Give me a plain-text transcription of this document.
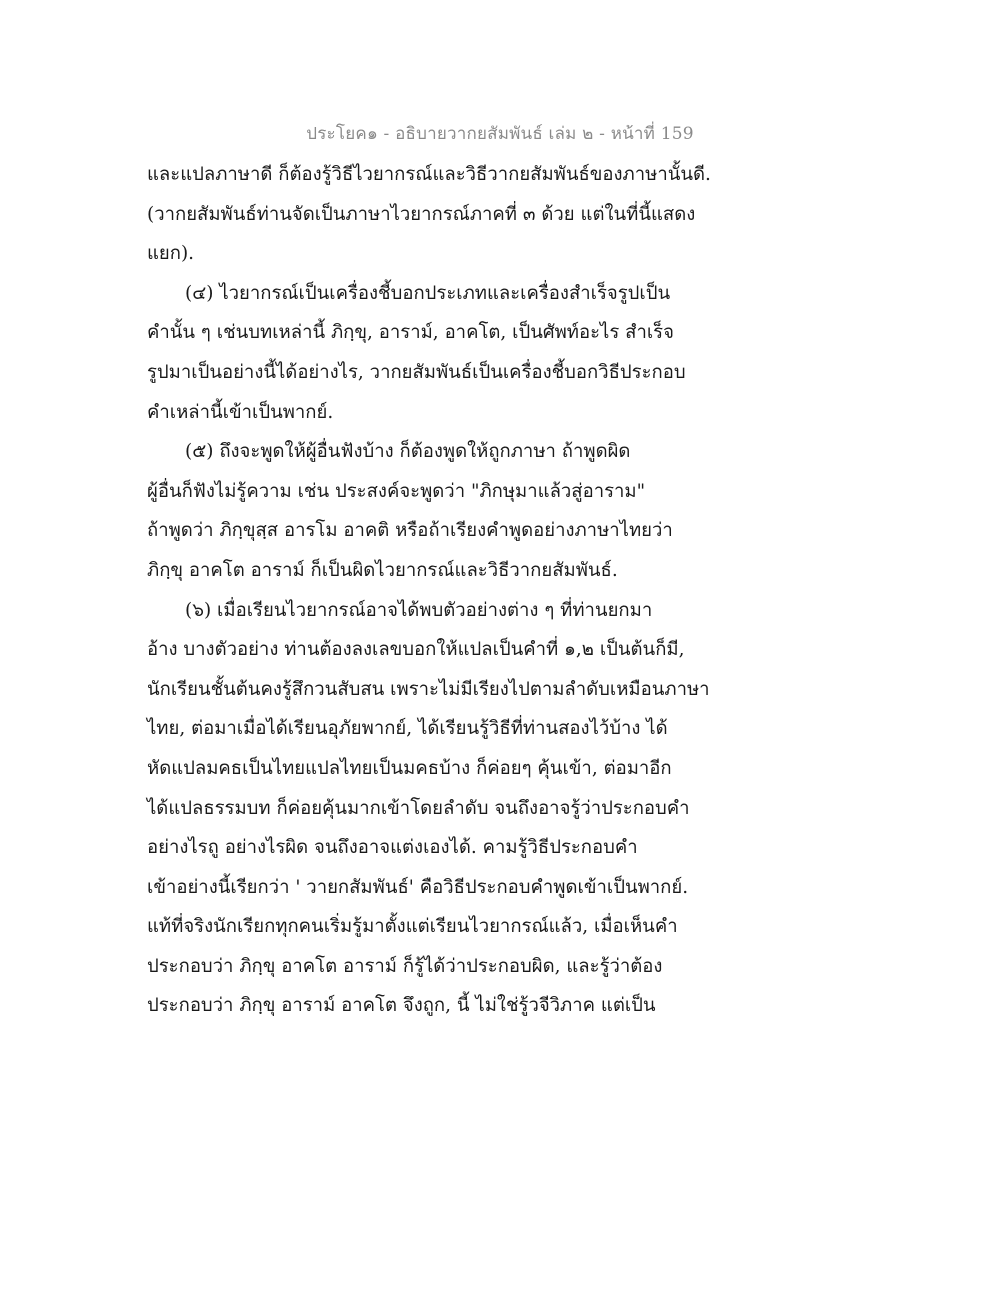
ประโยค๑ - อธิบายวากยสัมพันธ์ เล่ม ๒ - หน้าที่ 159
และแปลภาษาดี ก็ต้องรู้วิธีไวยากรณ์และวิธีวากยสัมพันธ์ของภาษานั้นดี.
(วากยสัมพันธ์ท่านจัดเป็นภาษาไวยากรณ์ภาคที่ ๓ ด้วย แต่ในที่นี้แสดง
แยก).
(๔) ไวยากรณ์เป็นเครื่องชี้บอกประเภทและเครื่องสำเร็จรูปเป็น
คำนั้น ๆ เช่นบทเหล่านี้ ภิกฺขุ, อาราม์, อาคโต, เป็นศัพท์อะไร สำเร็จ
รูปมาเป็นอย่างนี้ได้อย่างไร, วากยสัมพันธ์เป็นเครื่องชี้บอกวิธีประกอบ
คำเหล่านี้เข้าเป็นพากย์.
(๕) ถึงจะพูดให้ผู้อื่นฟังบ้าง ก็ต้องพูดให้ถูกภาษา ถ้าพูดผิด
ผู้อื่นก็ฟังไม่รู้ความ เช่น ประสงค์จะพูดว่า "ภิกษุมาแล้วสู่อาราม"
ถ้าพูดว่า ภิกฺขุสฺส อารโม อาคติ หรือถ้าเรียงคำพูดอย่างภาษาไทยว่า
ภิกฺขุ อาคโต อาราม์ ก็เป็นผิดไวยากรณ์และวิธีวากยสัมพันธ์.
(๖) เมื่อเรียนไวยากรณ์อาจได้พบตัวอย่างต่าง ๆ ที่ท่านยกมา
อ้าง บางตัวอย่าง ท่านต้องลงเลขบอกให้แปลเป็นคำที่ ๑,๒ เป็นต้นก็มี,
นักเรียนชั้นต้นคงรู้สึกวนสับสน เพราะไม่มีเรียงไปตามลำดับเหมือนภาษา
ไทย, ต่อมาเมื่อได้เรียนอุภัยพากย์, ได้เรียนรู้วิธีที่ท่านสองไว้บ้าง ได้
หัดแปลมคธเป็นไทยแปลไทยเป็นมคธบ้าง ก็ค่อยๆ คุ้นเข้า, ต่อมาอีก
ได้แปลธรรมบท ก็ค่อยคุ้นมากเข้าโดยลำดับ จนถึงอาจรู้ว่าประกอบคำ
อย่างไรถู อย่างไรผิด จนถึงอาจแต่งเองได้. คามรู้วิธีประกอบคำ
เข้าอย่างนี้เรียกว่า ' วายกสัมพันธ์' คือวิธีประกอบคำพูดเข้าเป็นพากย์.
แท้ที่จริงนักเรียกทุกคนเริ่มรู้มาตั้งแต่เรียนไวยากรณ์แล้ว, เมื่อเห็นคำ
ประกอบว่า ภิกฺขุ อาคโต อาราม์ ก็รู้ได้ว่าประกอบผิด, และรู้ว่าต้อง
ประกอบว่า ภิกฺขุ อาราม์ อาคโต จึงถูก, นี้ ไม่ใช่รู้วจีวิภาค แต่เป็น
